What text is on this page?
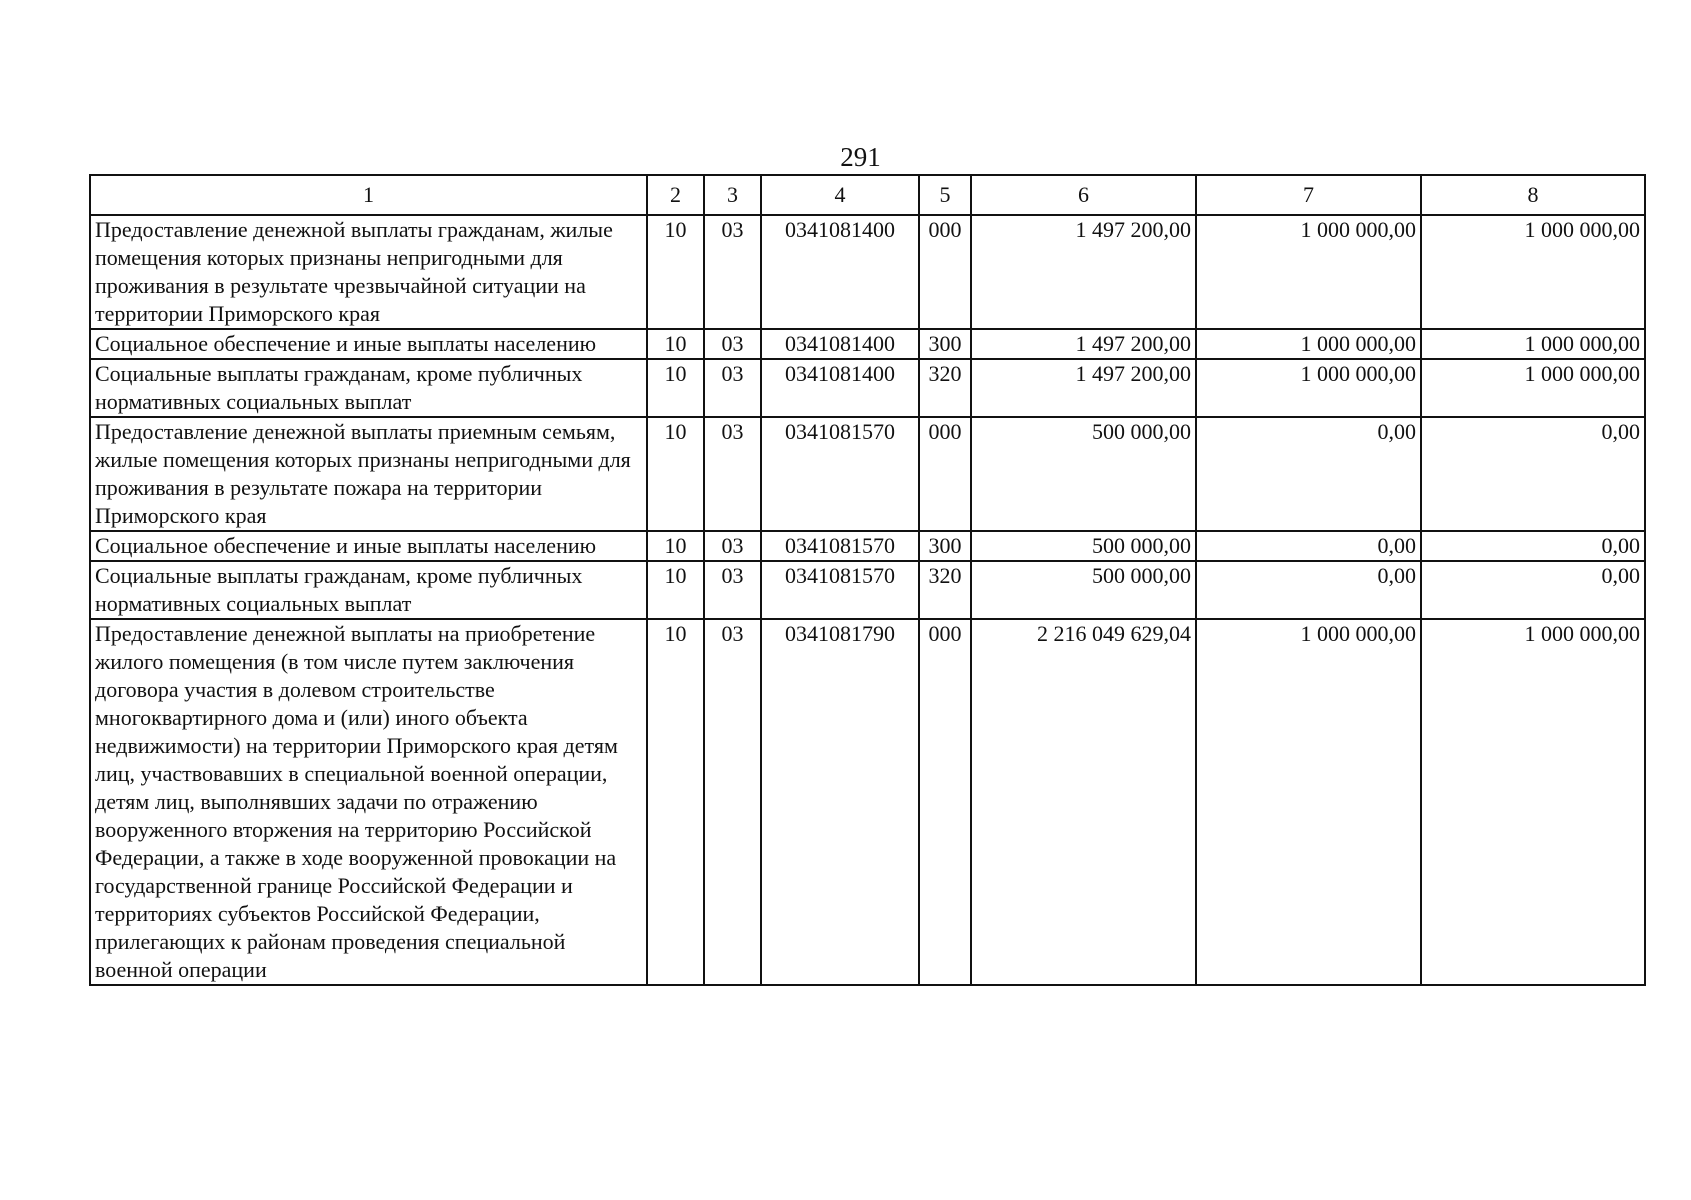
291
1	2	3	4	5	6	7	8
Предоставление денежной выплаты гражданам, жилые помещения которых признаны непригодными для проживания в результате чрезвычайной ситуации на территории Приморского края	10	03	0341081400	000	1 497 200,00	1 000 000,00	1 000 000,00
Социальное обеспечение и иные выплаты населению	10	03	0341081400	300	1 497 200,00	1 000 000,00	1 000 000,00
Социальные выплаты гражданам, кроме публичных нормативных социальных выплат	10	03	0341081400	320	1 497 200,00	1 000 000,00	1 000 000,00
Предоставление денежной выплаты приемным семьям, жилые помещения которых признаны непригодными для проживания в результате пожара на территории Приморского края	10	03	0341081570	000	500 000,00	0,00	0,00
Социальное обеспечение и иные выплаты населению	10	03	0341081570	300	500 000,00	0,00	0,00
Социальные выплаты гражданам, кроме публичных нормативных социальных выплат	10	03	0341081570	320	500 000,00	0,00	0,00
Предоставление денежной выплаты на приобретение жилого помещения (в том числе путем заключения договора участия в долевом строительстве многоквартирного дома и (или) иного объекта недвижимости) на территории Приморского края детям лиц, участвовавших в специальной военной операции, детям лиц, выполнявших задачи по отражению вооруженного вторжения на территорию Российской Федерации, а также в ходе вооруженной провокации на государственной границе Российской Федерации и территориях субъектов Российской Федерации, прилегающих к районам проведения специальной военной операции	10	03	0341081790	000	2 216 049 629,04	1 000 000,00	1 000 000,00
